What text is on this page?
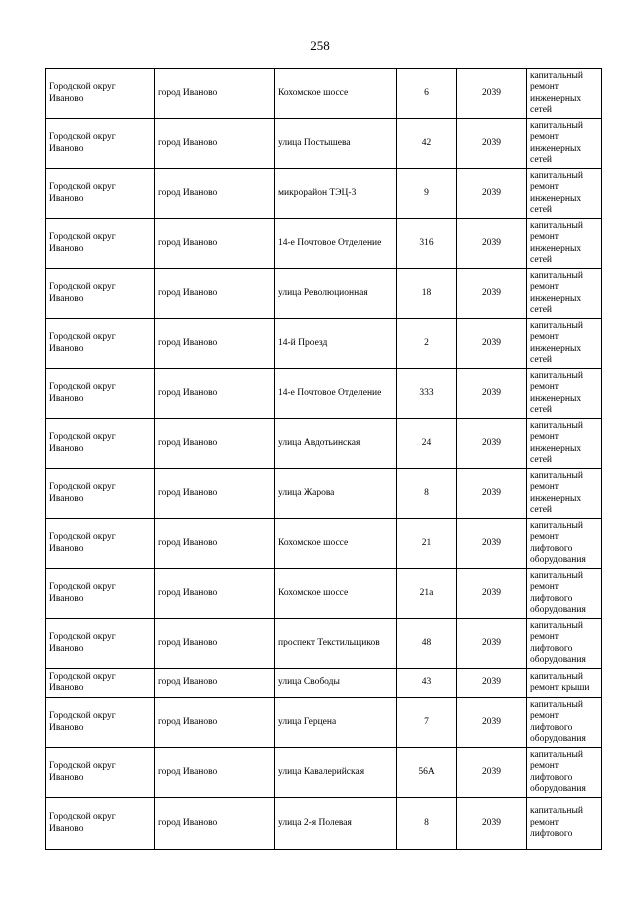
258
Городской округ Иваново	город Иваново	Кохомское шоссе	6	2039	капитальный ремонт инженерных сетей
Городской округ Иваново	город Иваново	улица Постышева	42	2039	капитальный ремонт инженерных сетей
Городской округ Иваново	город Иваново	микрорайон ТЭЦ-3	9	2039	капитальный ремонт инженерных сетей
Городской округ Иваново	город Иваново	14-е Почтовое Отделение	316	2039	капитальный ремонт инженерных сетей
Городской округ Иваново	город Иваново	улица Революционная	18	2039	капитальный ремонт инженерных сетей
Городской округ Иваново	город Иваново	14-й Проезд	2	2039	капитальный ремонт инженерных сетей
Городской округ Иваново	город Иваново	14-е Почтовое Отделение	333	2039	капитальный ремонт инженерных сетей
Городской округ Иваново	город Иваново	улица Авдотьинская	24	2039	капитальный ремонт инженерных сетей
Городской округ Иваново	город Иваново	улица Жарова	8	2039	капитальный ремонт инженерных сетей
Городской округ Иваново	город Иваново	Кохомское шоссе	21	2039	капитальный ремонт лифтового оборудования
Городской округ Иваново	город Иваново	Кохомское шоссе	21а	2039	капитальный ремонт лифтового оборудования
Городской округ Иваново	город Иваново	проспект Текстильщиков	48	2039	капитальный ремонт лифтового оборудования
Городской округ Иваново	город Иваново	улица Свободы	43	2039	капитальный ремонт крыши
Городской округ Иваново	город Иваново	улица Герцена	7	2039	капитальный ремонт лифтового оборудования
Городской округ Иваново	город Иваново	улица Кавалерийская	56А	2039	капитальный ремонт лифтового оборудования
Городской округ Иваново	город Иваново	улица 2-я Полевая	8	2039	капитальный ремонт лифтового
